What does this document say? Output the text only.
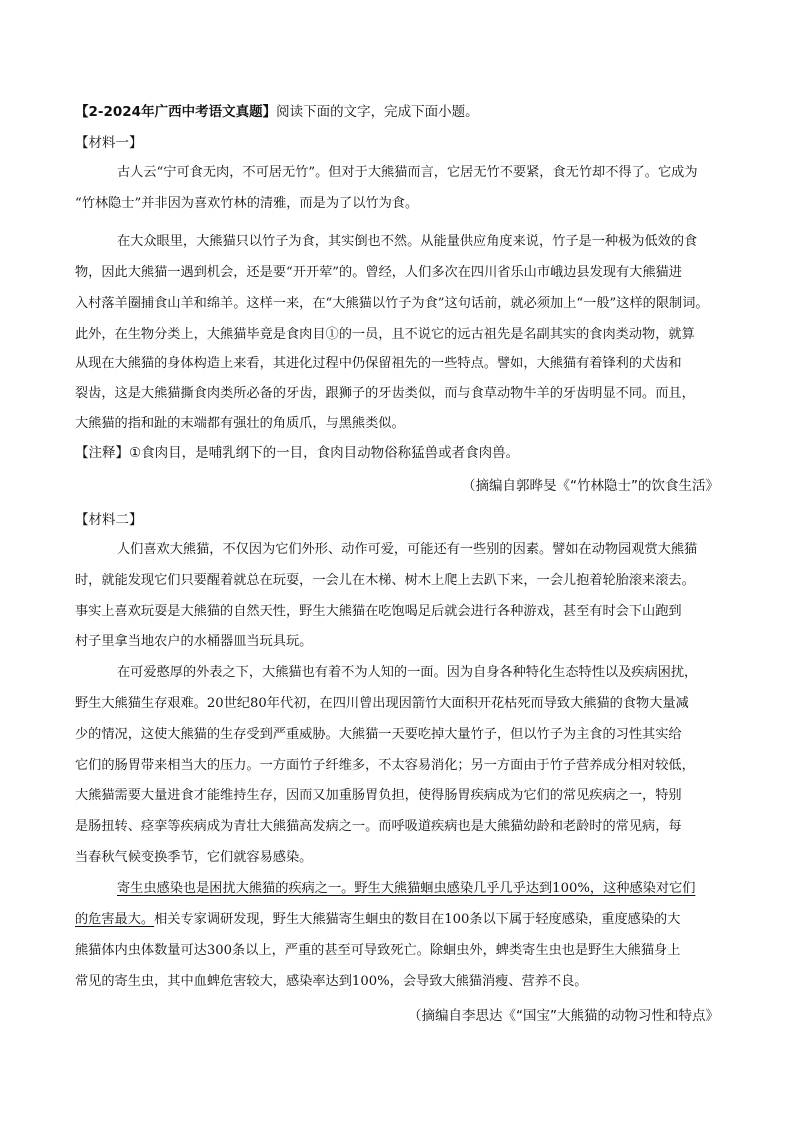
【2-2024年广西中考语文真题】阅读下面的文字，完成下面小题。
【材料一】
古人云“宁可食无肉，不可居无竹”。但对于大熊猫而言，它居无竹不要紧，食无竹却不得了。它成为
“竹林隐士”并非因为喜欢竹林的清雅，而是为了以竹为食。
在大众眼里，大熊猫只以竹子为食，其实倒也不然。从能量供应角度来说，竹子是一种极为低效的食
物，因此大熊猫一遇到机会，还是要“开开荤”的。曾经，人们多次在四川省乐山市峨边县发现有大熊猫进
入村落羊圈捕食山羊和绵羊。这样一来，在“大熊猫以竹子为食”这句话前，就必须加上“一般”这样的限制词。
此外，在生物分类上，大熊猫毕竟是食肉目①的一员，且不说它的远古祖先是名副其实的食肉类动物，就算
从现在大熊猫的身体构造上来看，其进化过程中仍保留祖先的一些特点。譬如，大熊猫有着锋利的犬齿和
裂齿，这是大熊猫撕食肉类所必备的牙齿，跟狮子的牙齿类似，而与食草动物牛羊的牙齿明显不同。而且，
大熊猫的指和趾的末端都有强壮的角质爪，与黑熊类似。
【注释】①食肉目，是哺乳纲下的一目，食肉目动物俗称猛兽或者食肉兽。
（摘编自郭晔旻《“竹林隐士”的饮食生活》
【材料二】
人们喜欢大熊猫，不仅因为它们外形、动作可爱，可能还有一些别的因素。譬如在动物园观赏大熊猫
时，就能发现它们只要醒着就总在玩耍，一会儿在木梯、树木上爬上去趴下来，一会儿抱着轮胎滚来滚去。
事实上喜欢玩耍是大熊猫的自然天性，野生大熊猫在吃饱喝足后就会进行各种游戏，甚至有时会下山跑到
村子里拿当地农户的水桶器皿当玩具玩。
在可爱憨厚的外表之下，大熊猫也有着不为人知的一面。因为自身各种特化生态特性以及疾病困扰，
野生大熊猫生存艰难。20世纪80年代初，在四川曾出现因箭竹大面积开花枯死而导致大熊猫的食物大量减
少的情况，这使大熊猫的生存受到严重威胁。大熊猫一天要吃掉大量竹子，但以竹子为主食的习性其实给
它们的肠胃带来相当大的压力。一方面竹子纤维多，不太容易消化；另一方面由于竹子营养成分相对较低，
大熊猫需要大量进食才能维持生存，因而又加重肠胃负担，使得肠胃疾病成为它们的常见疾病之一，特别
是肠扭转、痉挛等疾病成为青壮大熊猫高发病之一。而呼吸道疾病也是大熊猫幼龄和老龄时的常见病，每
当春秋气候变换季节，它们就容易感染。
寄生虫感染也是困扰大熊猫的疾病之一。野生大熊猫蛔虫感染几乎几乎达到100%，这种感染对它们
的危害最大。相关专家调研发现，野生大熊猫寄生蛔虫的数目在100条以下属于轻度感染，重度感染的大
熊猫体内虫体数量可达300条以上，严重的甚至可导致死亡。除蛔虫外，蜱类寄生虫也是野生大熊猫身上
常见的寄生虫，其中血蜱危害较大，感染率达到100%，会导致大熊猫消瘦、营养不良。
（摘编自李思达《“国宝”大熊猫的动物习性和特点》
